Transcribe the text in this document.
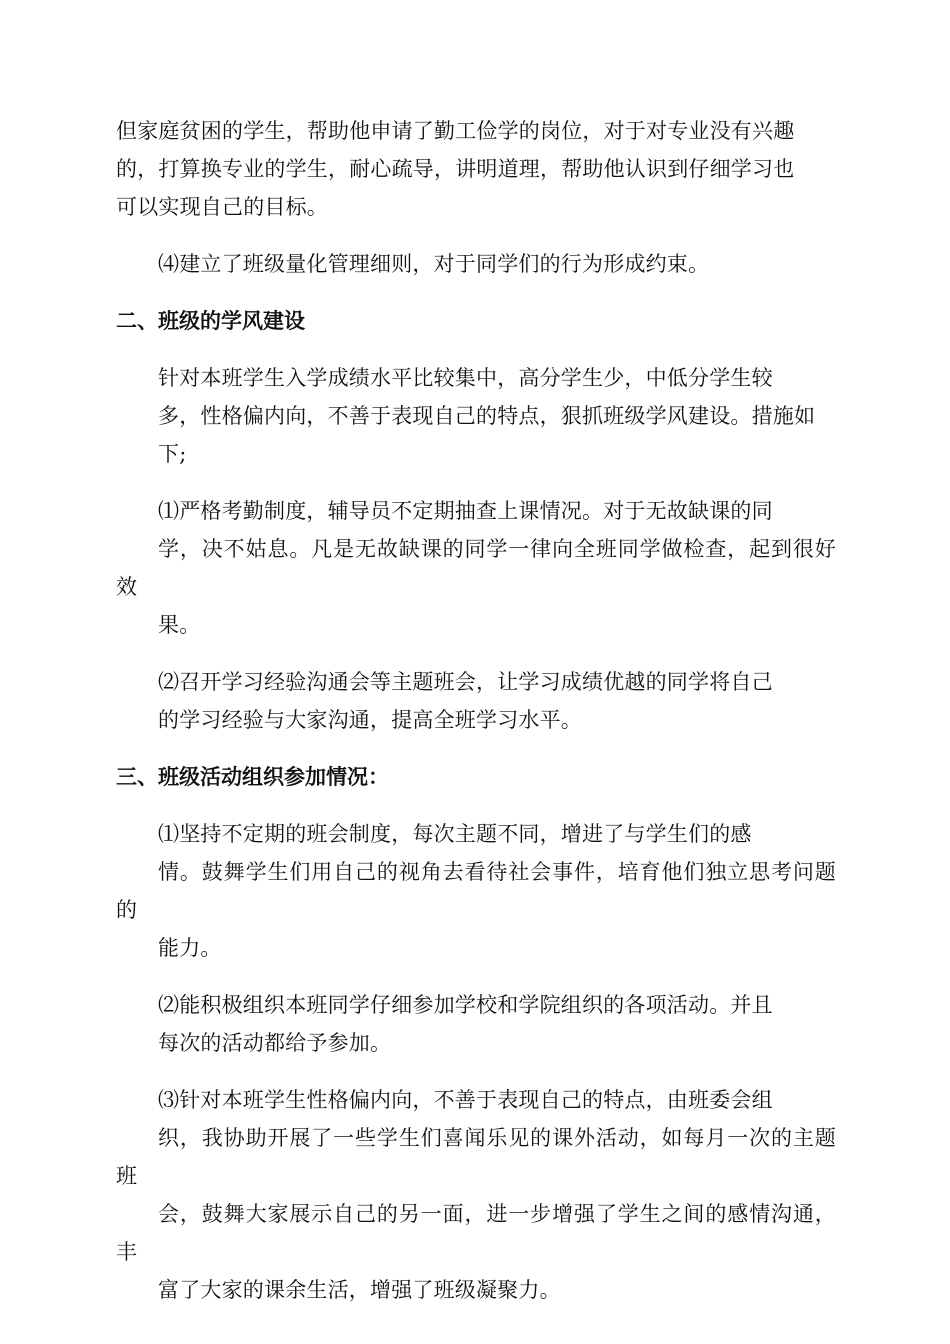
但家庭贫困的学生，帮助他申请了勤工俭学的岗位，对于对专业没有兴趣
的，打算换专业的学生，耐心疏导，讲明道理，帮助他认识到仔细学习也
可以实现自己的目标。

⑷建立了班级量化管理细则，对于同学们的行为形成约束。

二、班级的学风建设

针对本班学生入学成绩水平比较集中，高分学生少，中低分学生较
多，性格偏内向，不善于表现自己的特点，狠抓班级学风建设。措施如
下;

⑴严格考勤制度，辅导员不定期抽查上课情况。对于无故缺课的同
学，决不姑息。凡是无故缺课的同学一律向全班同学做检查，起到很好效
果。

⑵召开学习经验沟通会等主题班会，让学习成绩优越的同学将自己
的学习经验与大家沟通，提高全班学习水平。

三、班级活动组织参加情况：

⑴坚持不定期的班会制度，每次主题不同，增进了与学生们的感
情。鼓舞学生们用自己的视角去看待社会事件，培育他们独立思考问题的
能力。

⑵能积极组织本班同学仔细参加学校和学院组织的各项活动。并且
每次的活动都给予参加。

⑶针对本班学生性格偏内向，不善于表现自己的特点，由班委会组
织，我协助开展了一些学生们喜闻乐见的课外活动，如每月一次的主题班
会，鼓舞大家展示自己的另一面，进一步增强了学生之间的感情沟通，丰
富了大家的课余生活，增强了班级凝聚力。
